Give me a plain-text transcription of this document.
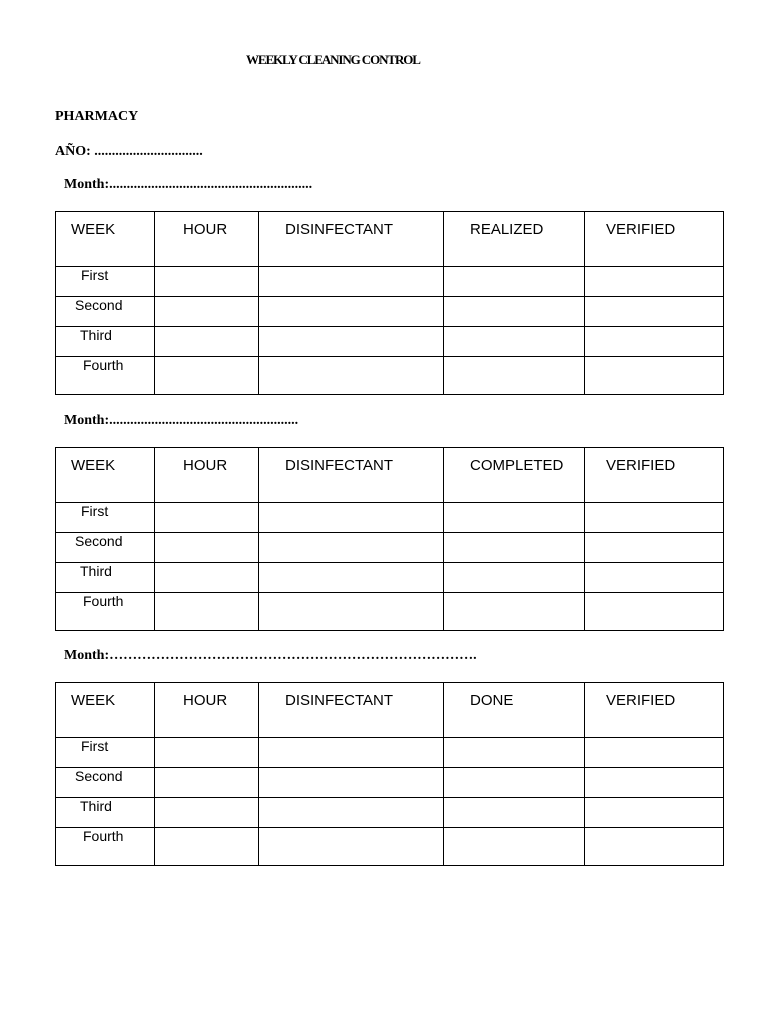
WEEKLY CLEANING CONTROL
PHARMACY
AÑO: ...............................
Month:..........................................................
WEEK	HOUR	DISINFECTANT	REALIZED	VERIFIED

First				

Second				

Third				

Fourth				

Month:......................................................
WEEK	HOUR	DISINFECTANT	COMPLETED	VERIFIED

First				

Second				

Third				

Fourth				

Month:…………………………………………………………………….
WEEK	HOUR	DISINFECTANT	DONE	VERIFIED

First				

Second				

Third				

Fourth				
